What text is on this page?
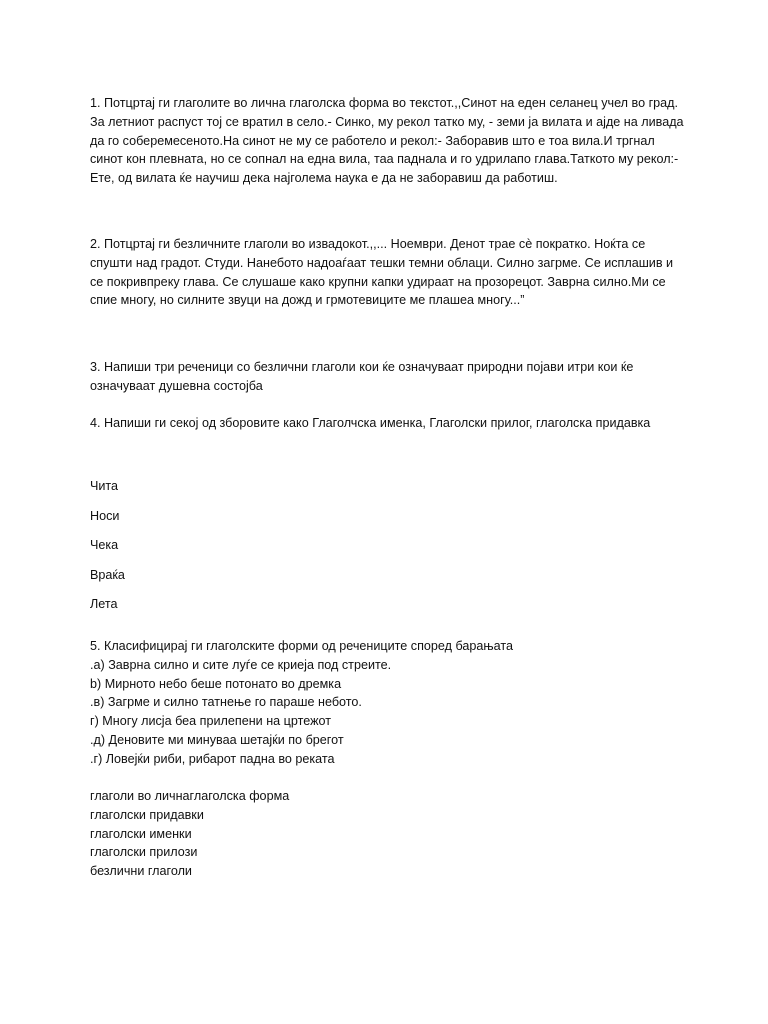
1. Потцртај ги глаголите во лична глаголска форма во текстот.,,Синот на еден селанец учел во град.
За летниот распуст тој се вратил в село.- Синко, му рекол татко му, - земи ја вилата и ајде на ливада
да го соберемесеното.На синот не му се работело и рекол:- Заборавив што е тоа вила.И тргнал
синот кон плевната, но се сопнал на една вила, таа паднала и го удрилапо глава.Таткото му рекол:-
Ете, од вилата ќе научиш дека најголема наука е да не заборавиш да работиш.
2. Потцртај ги безличните глаголи во извадокот.,,... Ноември. Денот трае сè пократко. Ноќта се
спушти над градот. Студи. Нанебото надоаѓаат тешки темни облаци. Силно загрме. Се исплашив и
се покривпреку глава. Се слушаше како крупни капки удираат на прозорецот. Заврна силно.Ми се
спие многу, но силните звуци на дожд и грмотевиците ме плашеа многу...”
3. Напиши три реченици со безлични глаголи кои ќе означуваат природни појави итри кои ќе
означуваат душевна состојба
4. Напиши ги секој од зборовите како Глаголчска именка, Глаголски прилог, глаголска придавка
Чита
Носи
Чека
Враќа
Лета
5. Класифицирај ги глаголските форми од речениците според барањата
.а) Заврна силно и сите луѓе се криеја под стреите.
b) Мирното небо беше потонато во дремка
.в) Загрме и силно татнење го параше небото.
г) Многу лисја беа прилепени на цртежот
.д) Деновите ми минуваа шетајќи по брегот
.г) Ловејќи риби, рибарот падна во реката
глаголи во личнаглаголска форма
глаголски придавки
глаголски именки
глаголски прилози
безлични глаголи
